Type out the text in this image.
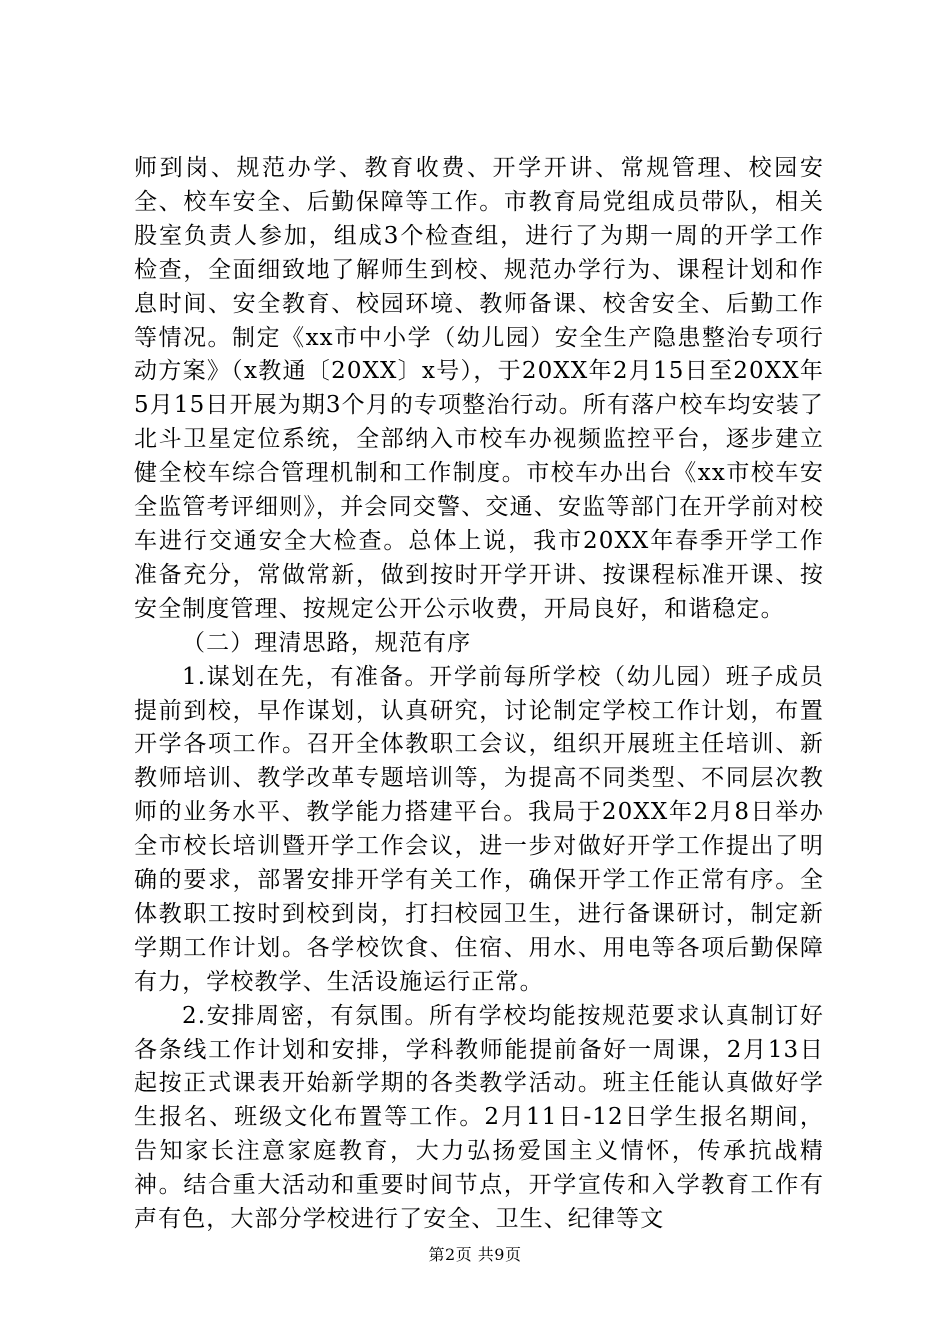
师到岗、规范办学、教育收费、开学开讲、常规管理、校园安全、校车安全、后勤保障等工作。市教育局党组成员带队，相关股室负责人参加，组成3个检查组，进行了为期一周的开学工作检查，全面细致地了解师生到校、规范办学行为、课程计划和作息时间、安全教育、校园环境、教师备课、校舍安全、后勤工作等情况。制定《xx市中小学（幼儿园）安全生产隐患整治专项行动方案》（x教通〔20XX〕x号），于20XX年2月15日至20XX年5月15日开展为期3个月的专项整治行动。所有落户校车均安装了北斗卫星定位系统，全部纳入市校车办视频监控平台，逐步建立健全校车综合管理机制和工作制度。市校车办出台《xx市校车安全监管考评细则》，并会同交警、交通、安监等部门在开学前对校车进行交通安全大检查。总体上说，我市20XX年春季开学工作准备充分，常做常新，做到按时开学开讲、按课程标准开课、按安全制度管理、按规定公开公示收费，开局良好，和谐稳定。

（二）理清思路，规范有序

1.谋划在先，有准备。开学前每所学校（幼儿园）班子成员提前到校，早作谋划，认真研究，讨论制定学校工作计划，布置开学各项工作。召开全体教职工会议，组织开展班主任培训、新教师培训、教学改革专题培训等，为提高不同类型、不同层次教师的业务水平、教学能力搭建平台。我局于20XX年2月8日举办全市校长培训暨开学工作会议，进一步对做好开学工作提出了明确的要求，部署安排开学有关工作，确保开学工作正常有序。全体教职工按时到校到岗，打扫校园卫生，进行备课研讨，制定新学期工作计划。各学校饮食、住宿、用水、用电等各项后勤保障有力，学校教学、生活设施运行正常。

2.安排周密，有氛围。所有学校均能按规范要求认真制订好各条线工作计划和安排，学科教师能提前备好一周课，2月13日起按正式课表开始新学期的各类教学活动。班主任能认真做好学生报名、班级文化布置等工作。2月11日-12日学生报名期间，告知家长注意家庭教育，大力弘扬爱国主义情怀，传承抗战精神。结合重大活动和重要时间节点，开学宣传和入学教育工作有声有色，大部分学校进行了安全、卫生、纪律等文

第2页 共9页
